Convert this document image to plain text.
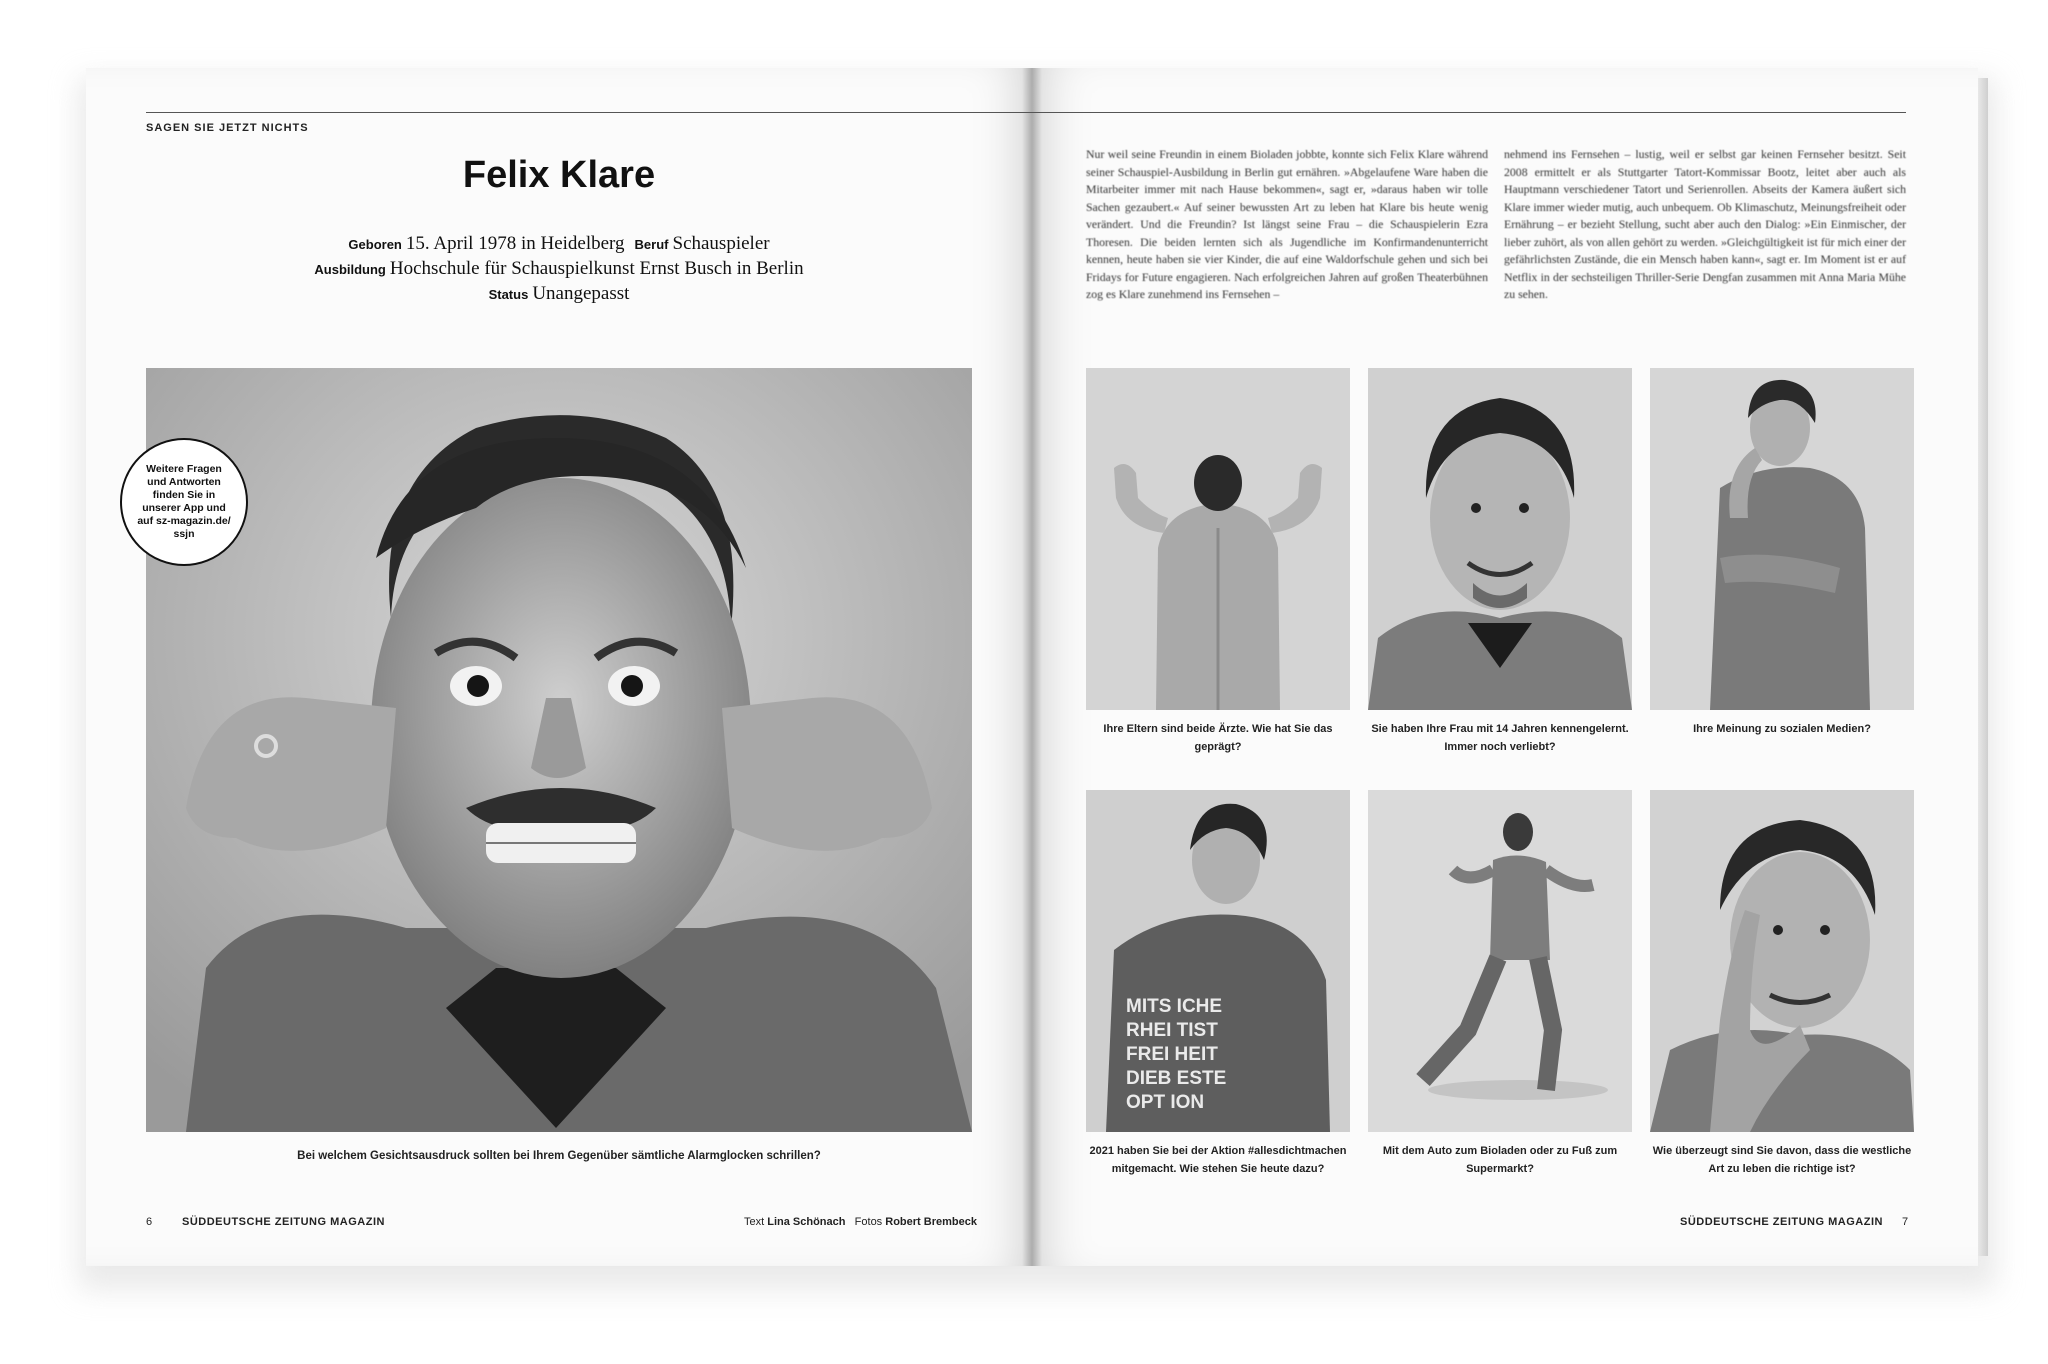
SAGEN SIE JETZT NICHTS
Felix Klare
Geboren 15. April 1978 in Heidelberg Beruf Schauspieler
Ausbildung Hochschule für Schauspielkunst Ernst Busch in Berlin
Status Unangepasst
Weitere Fragen und Antworten finden Sie in unserer App und auf sz-magazin.de/ ssjn
Bei welchem Gesichtsausdruck sollten bei Ihrem Gegenüber sämtliche Alarmglocken schrillen?
6	SÜDDEUTSCHE ZEITUNG MAGAZIN	Text Lina Schönach Fotos Robert Brembeck
Nur weil seine Freundin in einem Bioladen jobbte, konnte sich Felix Klare während seiner Schauspiel-Ausbildung in Berlin gut ernähren. »Abgelaufene Ware haben die Mitarbeiter immer mit nach Hause bekommen«, sagt er, »daraus haben wir tolle Sachen gezaubert.« Auf seiner bewussten Art zu leben hat Klare bis heute wenig verändert. Und die Freundin? Ist längst seine Frau – die Schauspielerin Ezra Thoresen. Die beiden lernten sich als Jugendliche im Konfirmandenunterricht kennen, heute haben sie vier Kinder, die auf eine Waldorfschule gehen und sich bei Fridays for Future engagieren. Nach erfolgreichen Jahren auf großen Theaterbühnen zog es Klare zunehmend ins Fernsehen –
nehmend ins Fernsehen – lustig, weil er selbst gar keinen Fernseher besitzt. Seit 2008 ermittelt er als Stuttgarter Tatort-Kommissar Bootz, leitet aber auch als Hauptmann verschiedener Tatort und Serienrollen. Abseits der Kamera äußert sich Klare immer wieder mutig, auch unbequem. Ob Klimaschutz, Meinungsfreiheit oder Ernährung – er bezieht Stellung, sucht aber auch den Dialog: »Ein Einmischer, der lieber zuhört, als von allen gehört zu werden. »Gleichgültigkeit ist für mich einer der gefährlichsten Zustände, die ein Mensch haben kann«, sagt er. Im Moment ist er auf Netflix in der sechsteiligen Thriller-Serie Dengfan zusammen mit Anna Maria Mühe zu sehen.
MITS ICHE
RHEI TIST
FREI HEIT
DIEB ESTE
OPT ION
Ihre Eltern sind beide Ärzte. Wie hat Sie das geprägt?
Sie haben Ihre Frau mit 14 Jahren kennengelernt. Immer noch verliebt?
Ihre Meinung zu sozialen Medien?
2021 haben Sie bei der Aktion #allesdichtmachen mitgemacht. Wie stehen Sie heute dazu?
Mit dem Auto zum Bioladen oder zu Fuß zum Supermarkt?
Wie überzeugt sind Sie davon, dass die westliche Art zu leben die richtige ist?
SÜDDEUTSCHE ZEITUNG MAGAZIN 7
